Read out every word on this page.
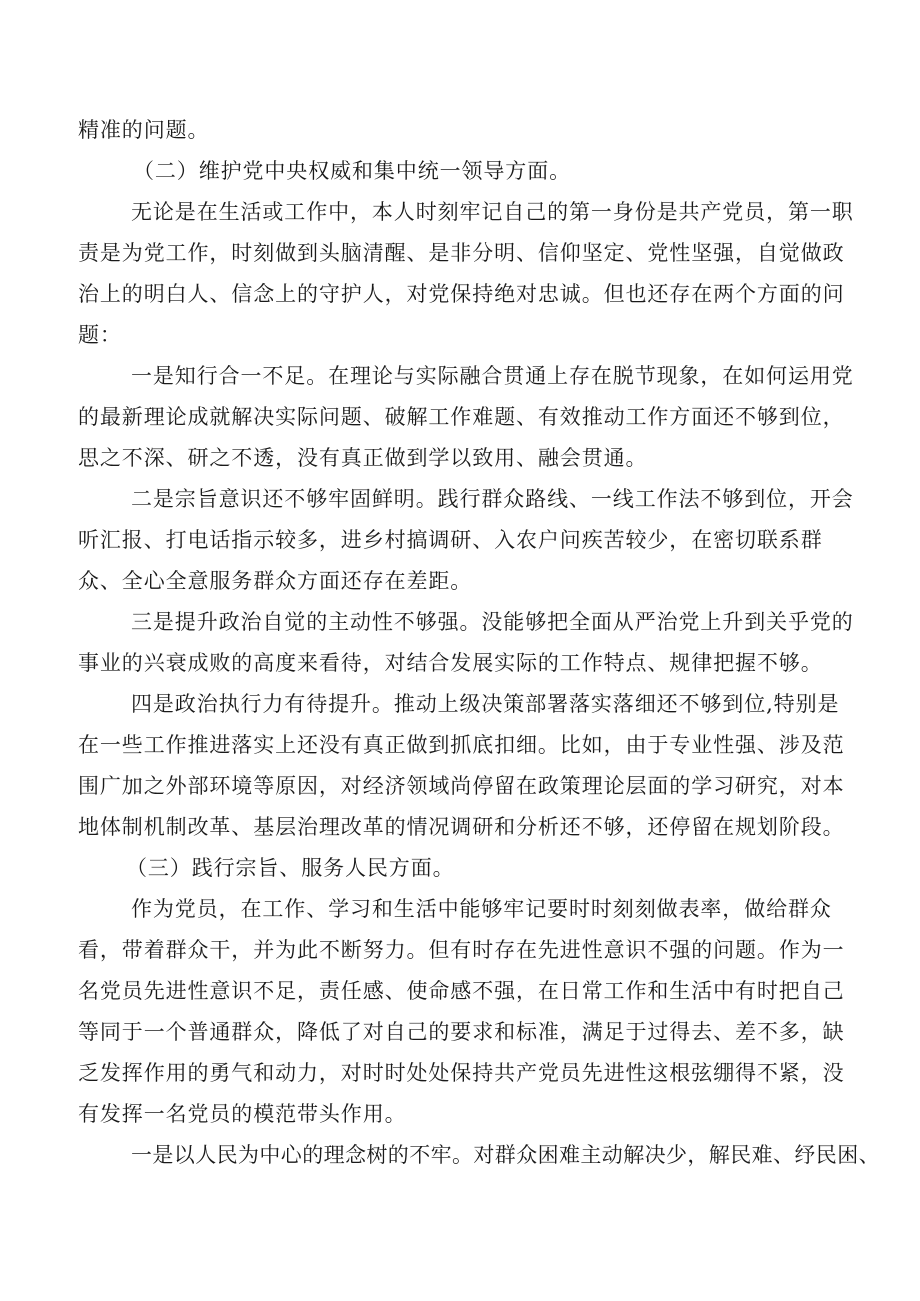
精准的问题。
（二）维护党中央权威和集中统一领导方面。
无论是在生活或工作中，本人时刻牢记自己的第一身份是共产党员，第一职
责是为党工作，时刻做到头脑清醒、是非分明、信仰坚定、党性坚强，自觉做政
治上的明白人、信念上的守护人，对党保持绝对忠诚。但也还存在两个方面的问
题：
一是知行合一不足。在理论与实际融合贯通上存在脱节现象，在如何运用党
的最新理论成就解决实际问题、破解工作难题、有效推动工作方面还不够到位，
思之不深、研之不透，没有真正做到学以致用、融会贯通。
二是宗旨意识还不够牢固鲜明。践行群众路线、一线工作法不够到位，开会
听汇报、打电话指示较多，进乡村搞调研、入农户问疾苦较少，在密切联系群
众、全心全意服务群众方面还存在差距。
三是提升政治自觉的主动性不够强。没能够把全面从严治党上升到关乎党的
事业的兴衰成败的高度来看待，对结合发展实际的工作特点、规律把握不够。
四是政治执行力有待提升。推动上级决策部署落实落细还不够到位,特别是
在一些工作推进落实上还没有真正做到抓底扣细。比如，由于专业性强、涉及范
围广加之外部环境等原因，对经济领域尚停留在政策理论层面的学习研究，对本
地体制机制改革、基层治理改革的情况调研和分析还不够，还停留在规划阶段。
（三）践行宗旨、服务人民方面。
作为党员，在工作、学习和生活中能够牢记要时时刻刻做表率，做给群众
看，带着群众干，并为此不断努力。但有时存在先进性意识不强的问题。作为一
名党员先进性意识不足，责任感、使命感不强，在日常工作和生活中有时把自己
等同于一个普通群众，降低了对自己的要求和标准，满足于过得去、差不多，缺
乏发挥作用的勇气和动力，对时时处处保持共产党员先进性这根弦绷得不紧，没
有发挥一名党员的模范带头作用。
一是以人民为中心的理念树的不牢。对群众困难主动解决少，解民难、纾民困、
